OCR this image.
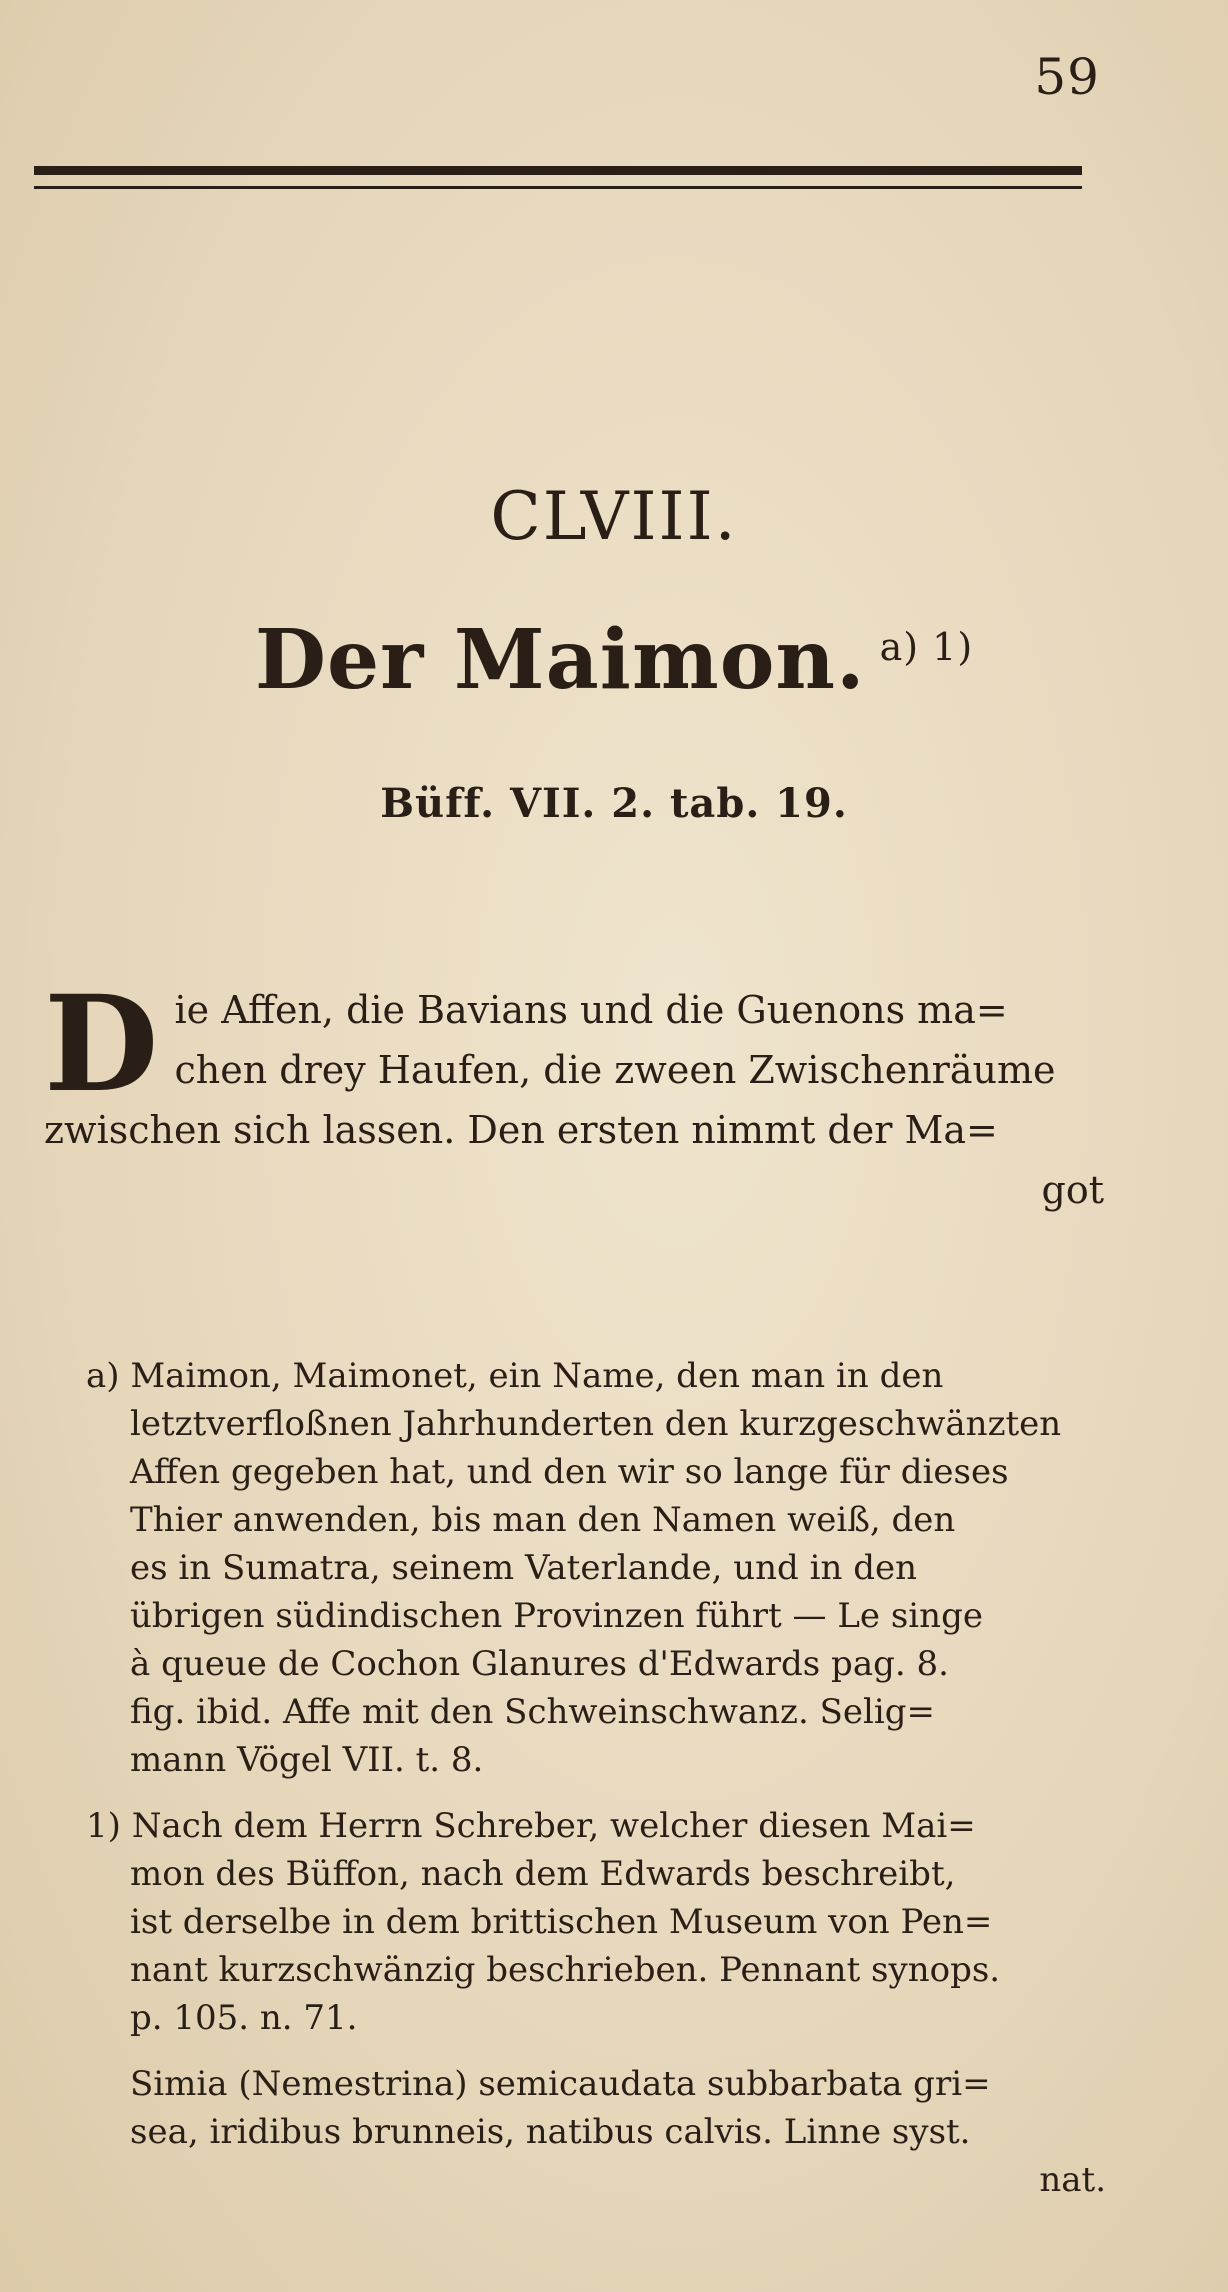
59
CLVIII.
Der Maimon. $^{a) 1)}$
Büff. VII. 2. tab. 19.
D ie Affen, die Bavians und die Guenons ma=
chen drey Haufen, die zween Zwischenräume
zwischen sich lassen. Den ersten nimmt der Ma=
got
a) Maimon, Maimonet, ein Name, den man in den
letztverfloßnen Jahrhunderten den kurzgeschwänzten
Affen gegeben hat, und den wir so lange für dieses
Thier anwenden, bis man den Namen weiß, den
es in Sumatra, seinem Vaterlande, und in den
übrigen südindischen Provinzen führt — Le singe
à queue de Cochon Glanures d'Edwards pag. 8.
fig. ibid. Affe mit den Schweinschwanz. Selig=
mann Vögel VII. t. 8.
1) Nach dem Herrn Schreber, welcher diesen Mai=
mon des Büffon, nach dem Edwards beschreibt,
ist derselbe in dem brittischen Museum von Pen=
nant kurzschwänzig beschrieben. Pennant synops.
p. 105. n. 71.
Simia (Nemestrina) semicaudata subbarbata gri=
sea, iridibus brunneis, natibus calvis. Linne syst.
nat.
